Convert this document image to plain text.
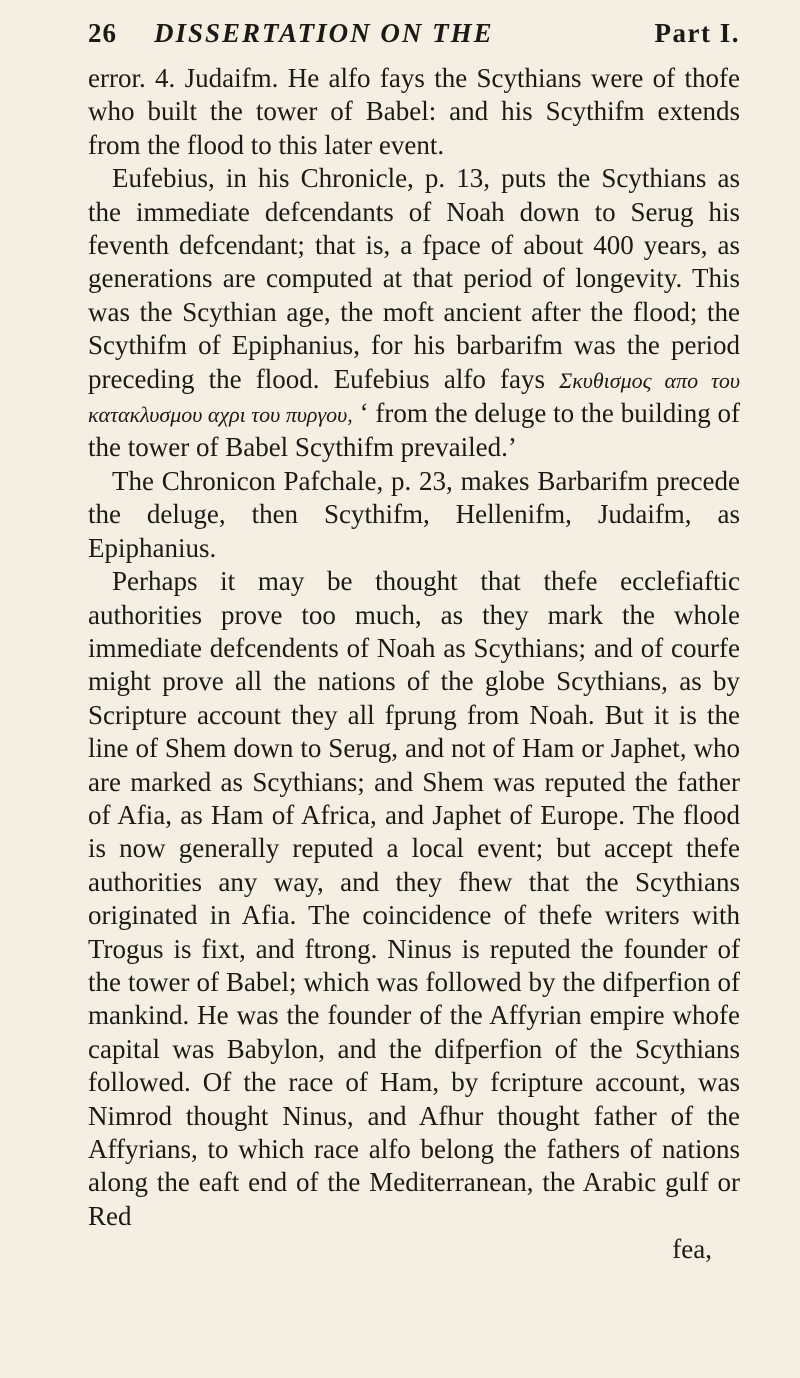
26	DISSERTATION ON THE	Part I.

error. 4. Judaifm. He alfo fays the Scythians were of thofe who built the tower of Babel: and his Scythifm extends from the flood to this later event.

Eufebius, in his Chronicle, p. 13, puts the Scythians as the immediate defcendants of Noah down to Serug his feventh defcendant; that is, a fpace of about 400 years, as generations are computed at that period of longevity. This was the Scythian age, the moft ancient after the flood; the Scythifm of Epiphanius, for his barbarifm was the period preceding the flood. Eufebius alfo fays Σκυθισμος απο του κατακλυσμου αχρι του πυργου, ‘ from the deluge to the building of the tower of Babel Scythifm prevailed.’

The Chronicon Pafchale, p. 23, makes Barbarifm precede the deluge, then Scythifm, Hellenifm, Judaifm, as Epiphanius.

Perhaps it may be thought that thefe ecclefiaftic authorities prove too much, as they mark the whole immediate defcendents of Noah as Scythians; and of courfe might prove all the nations of the globe Scythians, as by Scripture account they all fprung from Noah. But it is the line of Shem down to Serug, and not of Ham or Japhet, who are marked as Scythians; and Shem was reputed the father of Afia, as Ham of Africa, and Japhet of Europe. The flood is now generally reputed a local event; but accept thefe authorities any way, and they fhew that the Scythians originated in Afia. The coincidence of thefe writers with Trogus is fixt, and ftrong. Ninus is reputed the founder of the tower of Babel; which was followed by the difperfion of mankind. He was the founder of the Affyrian empire whofe capital was Babylon, and the difperfion of the Scythians followed. Of the race of Ham, by fcripture account, was Nimrod thought Ninus, and Afhur thought father of the Affyrians, to which race alfo belong the fathers of nations along the eaft end of the Mediterranean, the Arabic gulf or Red

fea,
